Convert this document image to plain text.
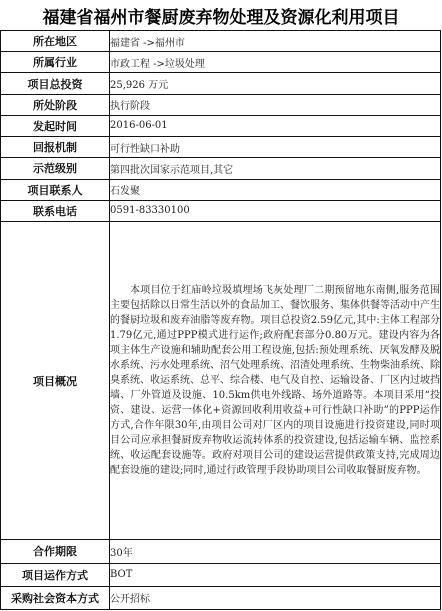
福建省福州市餐厨废弃物处理及资源化利用项目
所在地区	福建省 ->福州市
所属行业	市政工程 ->垃圾处理
项目总投资	25,926 万元
所处阶段	执行阶段
发起时间	2016-06-01
回报机制	可行性缺口补助
示范级别	第四批次国家示范项目,其它
项目联系人	石发聚
联系电话	0591-83330100
项目概况	本项目位于红庙岭垃圾填埋场飞灰处理厂二期预留地东南侧,服务范围主要包括除以日常生活以外的食品加工、餐饮服务、集体供餐等活动中产生的餐厨垃圾和废弃油脂等废弃物。项目总投资2.59亿元,其中:主体工程部分1.79亿元,通过PPP模式进行运作;政府配套部分0.80万元。建设内容为各项主体生产设施和辅助配套公用工程设施,包括:预处理系统、厌氧发酵及脱水系统、污水处理系统、沼气处理系统、沼渣处理系统、生物柴油系统、除臭系统、收运系统、总平、综合楼、电气及自控、运输设备、厂区内过坡挡墙、厂外管道及设施、10.5km供电外线路、场外道路等。本项目采用“投资、建设、运营一体化+资源回收利用收益+可行性缺口补助”的PPP运作方式,合作年限30年,由项目公司对厂区内的项目设施进行投资建设,同时项目公司应承担餐厨废弃物收运流转体系的投资建设,包括运输车辆、监控系统、收运配套设施等。政府对项目公司的建设运营提供政策支持,完成周边配套设施的建设;同时,通过行政管理手段协助项目公司收取餐厨废弃物。
合作期限	30年
项目运作方式	BOT
采购社会资本方式	公开招标
